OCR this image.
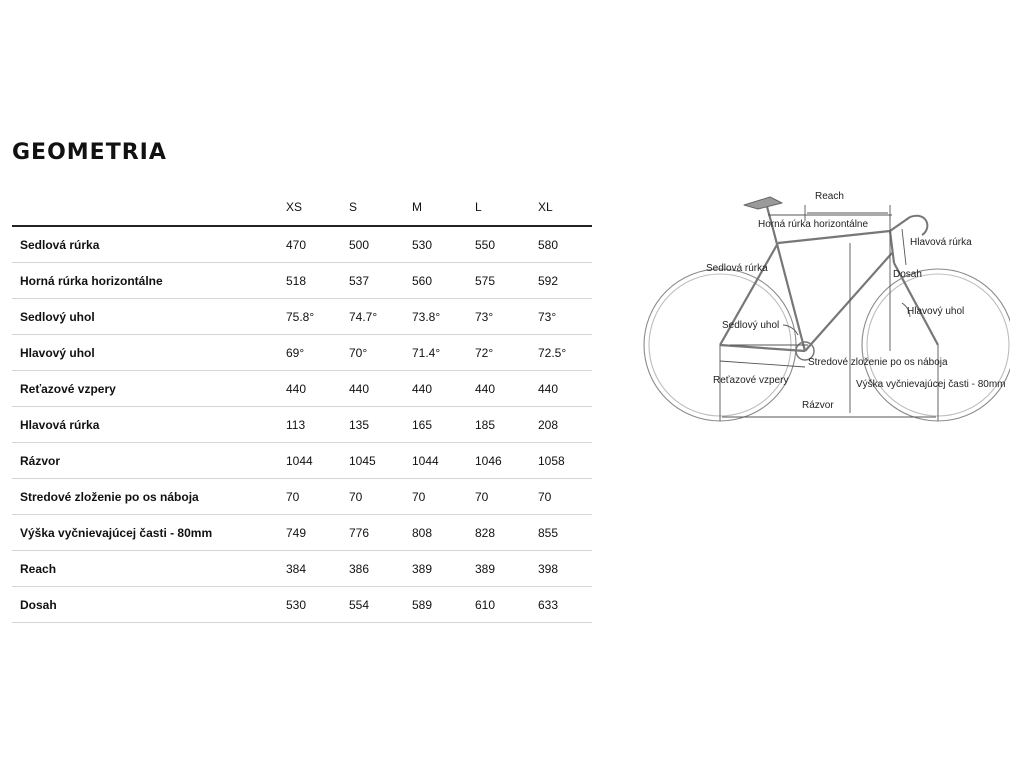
GEOMETRIA
	XS	S	M	L	XL
Sedlová rúrka	470	500	530	550	580
Horná rúrka horizontálne	518	537	560	575	592
Sedlový uhol	75.8°	74.7°	73.8°	73°	73°
Hlavový uhol	69°	70°	71.4°	72°	72.5°
Reťazové vzpery	440	440	440	440	440
Hlavová rúrka	113	135	165	185	208
Rázvor	1044	1045	1044	1046	1058
Stredové zloženie po os náboja	70	70	70	70	70
Výška vyčnievajúcej časti - 80mm	749	776	808	828	855
Reach	384	386	389	389	398
Dosah	530	554	589	610	633
Reach
Horná rúrka horizontálne
Hlavová rúrka
Sedlová rúrka
Dosah
Hlavový uhol
Sedlový uhol
Stredové zloženie po os náboja
Reťazové vzpery	Výška vyčnievajúcej časti - 80mm
Rázvor
